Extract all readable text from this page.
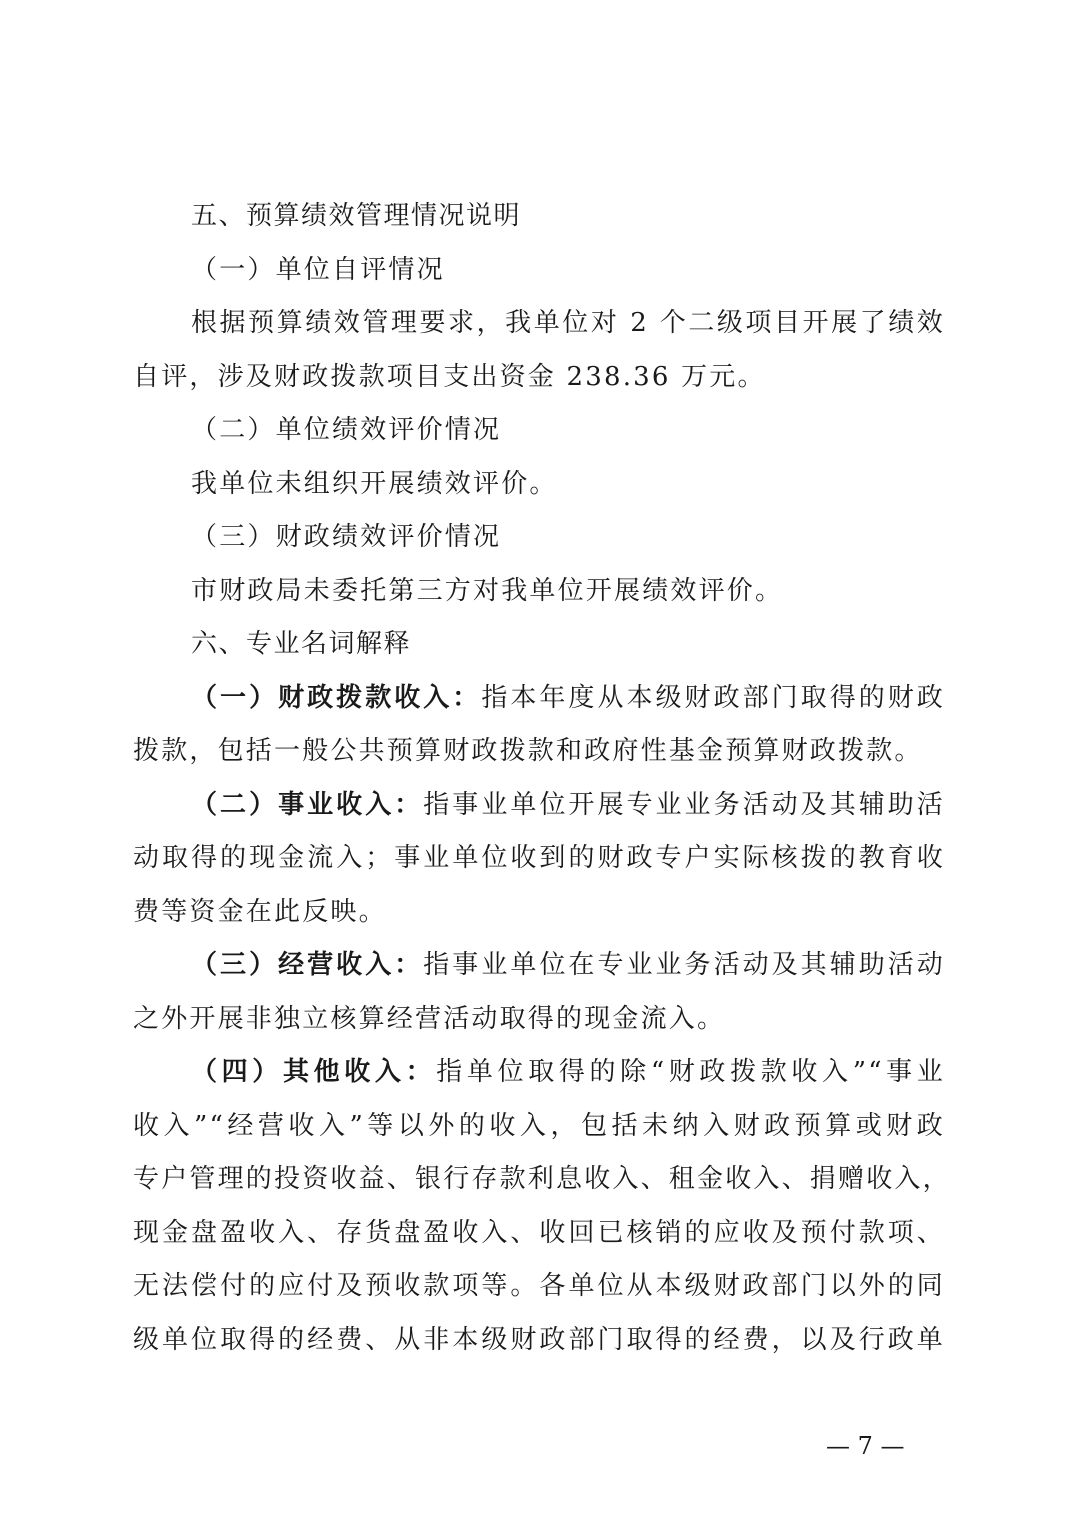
五、预算绩效管理情况说明
（一）单位自评情况
根据预算绩效管理要求，我单位对 2 个二级项目开展了绩效
自评，涉及财政拨款项目支出资金 238.36 万元。
（二）单位绩效评价情况
我单位未组织开展绩效评价。
（三）财政绩效评价情况
市财政局未委托第三方对我单位开展绩效评价。
六、专业名词解释
（一）财政拨款收入：指本年度从本级财政部门取得的财政
拨款，包括一般公共预算财政拨款和政府性基金预算财政拨款。
（二）事业收入：指事业单位开展专业业务活动及其辅助活
动取得的现金流入；事业单位收到的财政专户实际核拨的教育收
费等资金在此反映。
（三）经营收入：指事业单位在专业业务活动及其辅助活动
之外开展非独立核算经营活动取得的现金流入。
（四）其他收入：指单位取得的除“财政拨款收入”“事业
收入”“经营收入”等以外的收入，包括未纳入财政预算或财政
专户管理的投资收益、银行存款利息收入、租金收入、捐赠收入，
现金盘盈收入、存货盘盈收入、收回已核销的应收及预付款项、
无法偿付的应付及预收款项等。各单位从本级财政部门以外的同
级单位取得的经费、从非本级财政部门取得的经费，以及行政单
— 7 —
